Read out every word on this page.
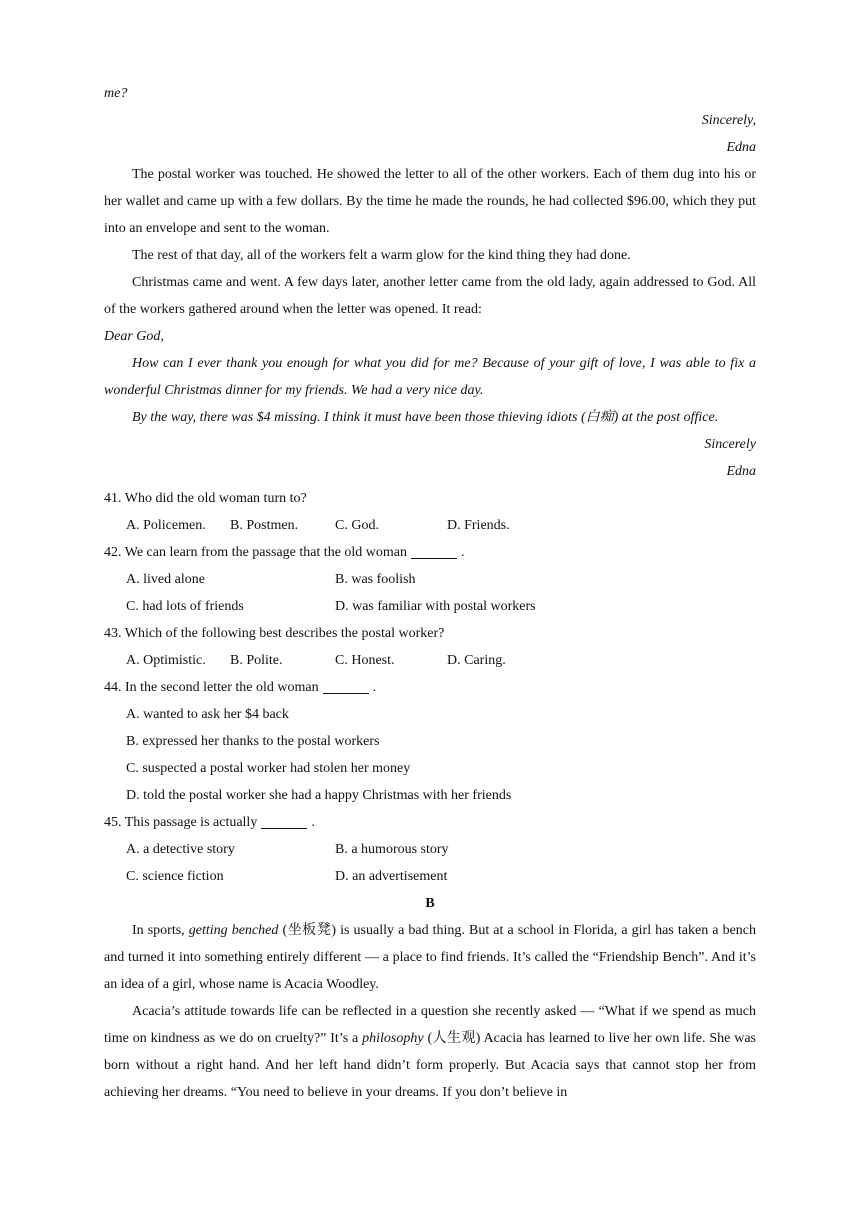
me?

Sincerely,

Edna

The postal worker was touched. He showed the letter to all of the other workers. Each of them dug into his or her wallet and came up with a few dollars. By the time he made the rounds, he had collected $96.00, which they put into an envelope and sent to the woman.

The rest of that day, all of the workers felt a warm glow for the kind thing they had done.

Christmas came and went. A few days later, another letter came from the old lady, again addressed to God. All of the workers gathered around when the letter was opened. It read:

Dear God,

How can I ever thank you enough for what you did for me? Because of your gift of love, I was able to fix a wonderful Christmas dinner for my friends. We had a very nice day.

By the way, there was $4 missing. I think it must have been those thieving idiots (白痴) at the post office.

Sincerely

Edna

41. Who did the old woman turn to?

A. Policemen.	B. Postmen.	C. God.	D. Friends.

42. We can learn from the passage that the old woman	.

A. lived alone	B. was foolish
C. had lots of friends	D. was familiar with postal workers

43. Which of the following best describes the postal worker?

A. Optimistic.	B. Polite.	C. Honest.	D. Caring.

44. In the second letter the old woman	.

A. wanted to ask her $4 back
B. expressed her thanks to the postal workers
C. suspected a postal worker had stolen her money
D. told the postal worker she had a happy Christmas with her friends

45. This passage is actually	.

A. a detective story	B. a humorous story
C. science fiction	D. an advertisement

B

In sports, getting benched (坐板凳) is usually a bad thing. But at a school in Florida, a girl has taken a bench and turned it into something entirely different — a place to find friends. It’s called the “Friendship Bench”. And it’s an idea of a girl, whose name is Acacia Woodley.

Acacia’s attitude towards life can be reflected in a question she recently asked — “What if we spend as much time on kindness as we do on cruelty?” It’s a philosophy (人生观) Acacia has learned to live her own life. She was born without a right hand. And her left hand didn’t form properly. But Acacia says that cannot stop her from achieving her dreams. “You need to believe in your dreams. If you don’t believe in
